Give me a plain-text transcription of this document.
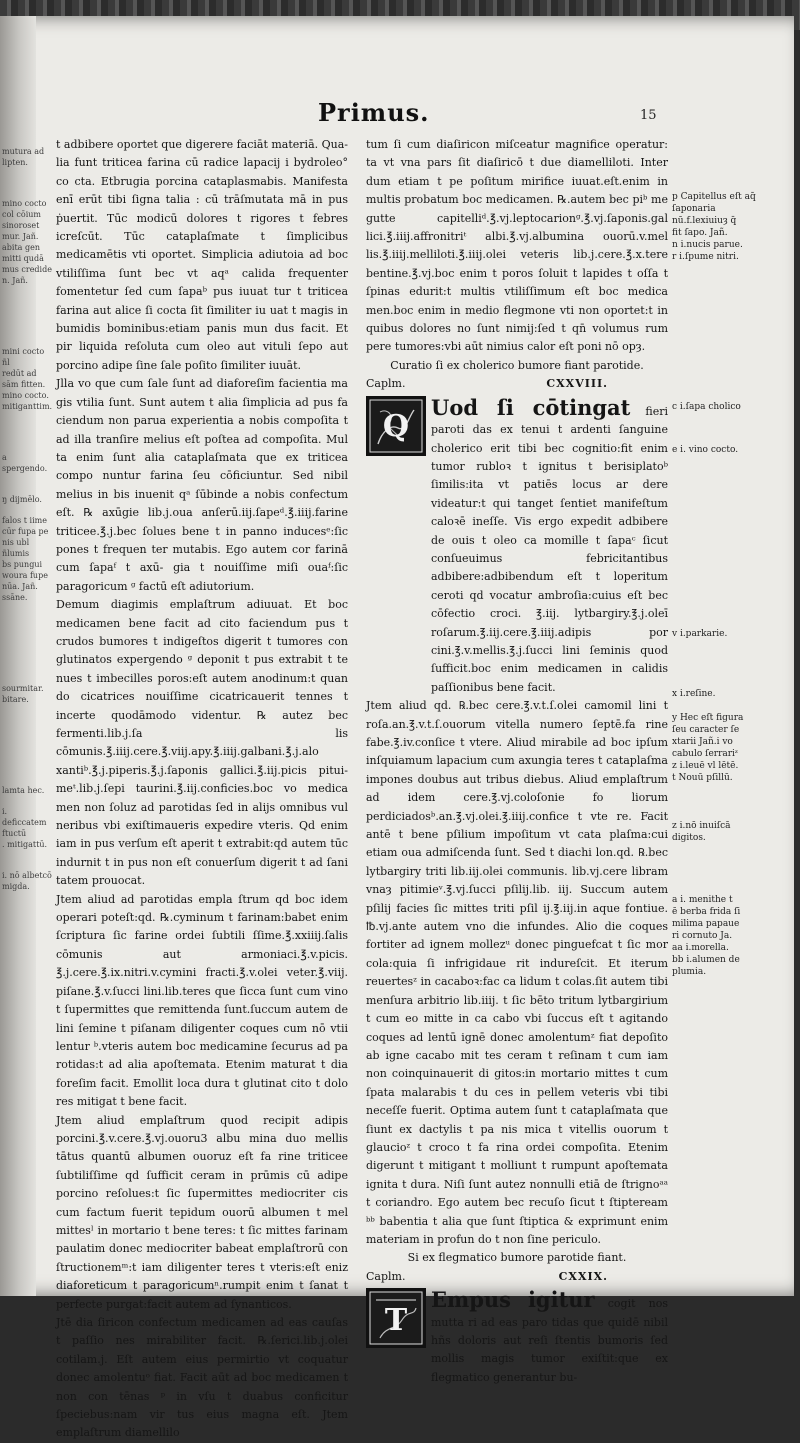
mutura ad
lipten.
mino cocto
col cōium
sinoroset
mur. Jañ.
abita gen
mitti qudā
mus credide
n. Jañ.
mini cocto ñl
redūt ad
sām fitten.
mino cocto.
mitiganttim.
a spergendo.
ŋ dijmēlo.
falos t iime
cūr fupa pe
nis ubl ñlumis
bs pungui
woura fupe
nūa. Jañ.
ssāne.
sourmitar.
bitare.
lamta hec.
i. deficcatem
ftuctū
. mitigattū.
i. nō albetcō
migda.
Primus.	15

t adbibere oportet que digerere faciāt materiā. Qua- lia funt triticea farina cū radice lapacij i bydroleo° co cta. Etbrugia porcina cataplasmabis. Manifesta enī erūt tibi ſigna talia : cū trāſmutata mā in pus ṗuertit. Tūc modicū dolores t rigores t febres icreſcūt. Tūc cataplaſmate t ſimplicibus medicamētis vti oportet. Simplicia adiutoia ad boc vtiliſſima ſunt bec vt aqᵃ calida frequenter fomentetur ſed cum ſapaᵇ pus iuuat tur t triticea farina aut alice ſi cocta ſit ſimiliter iu uat t magis in bumidis bominibus:etiam panis mun dus facit. Et pir liquida reſoluta cum oleo aut vituli ſepo aut porcino adipe ſine ſale poſito ſimiliter iuuāt.

Jlla vo que cum ſale ſunt ad diaforeſim facientia ma gis vtilia ſunt. Sunt autem t alia ſimplicia ad pus fa ciendum non parua experientia a nobis compoſita t ad illa tranſire melius eſt poſtea ad compoſita. Mul ta enim ſunt alia cataplaſmata que ex triticea compo nuntur farina ſeu cōficiuntur. Sed nibil melius in bis inuenit qᵃ ſūbinde a nobis confectum eſt. ℞ axūgie lib.j.oua anſerū.iij.ſapeᵈ.℥.iiij.farine triticee.℥.j.bec ſolues bene t in panno inducesᵉ:ſic pones t frequen ter mutabis. Ego autem cor farinā cum ſapaᶠ t axū- gia t nouiſſime miſi ouaᶠ:ſic paragoricum ᵍ factū eſt adiutorium.

Demum diagimis emplaſtrum adiuuat. Et boc medicamen bene facit ad cito faciendum pus t crudos bumores t indigeſtos digerit t tumores con glutinatos expergendo ᵍ deponit t pus extrabit t te nues t imbecilles poros:eſt autem anodinum:t quan do cicatrices nouiſſime cicatricauerit tennes t incerte quodāmodo videntur. ℞ autez bec fermenti.lib.j.ſa lis cōmunis.℥.iiij.cere.℥.viij.apy.℥.iiij.galbani.℥.j.alo xantiᵇ.℥.j.piperis.℥.j.ſaponis gallici.℥.iij.picis pitui- meᵗ.lib.j.ſepi taurini.℥.iij.conficies.boc vo medica men non ſoluz ad parotidas ſed in alijs omnibus vul neribus vbi exiſtimaueris expedire vteris. Qd enim iam in pus verſum eſt aperit t extrabit:qd autem tūc indurnit t in pus non eſt conuerſum digerit t ad ſani tatem prouocat.

Jtem aliud ad parotidas empla ſtrum qd boc idem operari poteſt:qd. ℞.cyminum t farinam:babet enim ſcriptura ſic farine ordei ſubtili ſſime.℥.xxiiij.ſalis cōmunis aut armoniaci.℥.v.picis. ℥.j.cere.℥.ix.nitri.v.cymini fracti.℥.v.olei veter.℥.viij. piſane.℥.v.ſucci lini.lib.teres que ſicca ſunt cum vino t ſupermittes que remittenda ſunt.ſuccum autem de lini ſemine t piſanam diligenter coques cum nō vtii lentur ᵇ.vteris autem boc medicamine ſecurus ad pa rotidas:t ad alia apoſtemata. Etenim maturat t dia foreſim facit. Emollit loca dura t glutinat cito t dolo res mitigat t bene facit.

Jtem aliud emplaſtrum quod recipit adipis porcini.℥.v.cere.℥.vj.ouoru3 albu mina duo mellis tātus quantū albumen ouoruz eſt fa rine triticee ſubtiliſſime qd ſufficit ceram in prūmis cū adipe porcino reſolues:t ſic ſupermittes mediocriter cis cum factum fuerit tepidum ouorū albumen t mel mittesˡ in mortario t bene teres: t ſic mittes farinam paulatim donec mediocriter babeat emplaſtrorū con ſtructionemᵐ:t iam diligenter teres t vteris:eſt eniz diaforeticum t paragoricumⁿ.rumpit enim t ſanat t perfecte purgat:facit autem ad ſynanticos.

Jtē dia ſiricon confectum medicamen ad eas cauſas t paſſio nes mirabiliter facit. ℞.ſerici.lib.j.olei cotilam.j. Eſt autem eius permirtio vt coquatur donec amolentuᵒ fiat. Facit aūt ad boc medicamen t non con tēnas ᵖ in vſu t duabus conficitur ſpeciebus:nam vir tus eius magna eſt. Jtem emplaſtrum diamellilo

tum ſi cum diaſiricon miſceatur magnifice operatur: ta vt vna pars ſit diaſiricō t due diamelliloti. Inter dum etiam t pe poſitum mirifice iuuat.eſt.enim in multis probatum boc medicamen. ℞.autem bec piᵇ me gutte capitelliᵈ.℥.vj.leptocarionᵍ.℥.vj.ſaponis.gal lici.℥.iiij.affronitriᵗ albi.℥.vj.albumina ouorū.v.mel lis.℥.iiij.melliloti.℥.iiij.olei veteris lib.j.cere.℥.x.tere bentine.℥.vj.boc enim t poros ſoluit t lapides t oſſa t ſpinas edurit:t multis vtiliſſimum eſt boc medica men.boc enim in medio flegmone vti non oportet:t in quibus dolores no ſunt nimij:ſed t qn̄ volumus rum pere tumores:vbi aūt nimius calor eſt poni nō opȝ.

Curatio ſi ex cholerico bumore fiant parotide.

Caplm.	CXXVIII.
Q
Uod ſi cōtingat fieri paroti das ex tenui t ardenti ſanguine cholerico erit tibi bec cognitio:fit enim tumor rubloꝛ t ignitus t berisiplatoᵇ ſimilis:ita vt patiēs locus ar dere videatur:t qui tanget ſentiet manifeſtum caloꝛē ineſſe. Vis ergo expedit adbibere de ouis t oleo ca momille t ſapaᶜ ſicut conſueuimus febricitantibus adbibere:adbibendum eſt t loperitum ceroti qd vocatur ambroſia:cuius eſt bec cōfectio croci. ℥.iij. lytbargiry.℥.j.oleī roſarum.℥.iij.cere.℥.iiij.adipis por cini.℥.v.mellis.℥.j.ſucci lini ſeminis quod ſufficit.boc enim medicamen in calidis paſſionibus bene facit.

Jtem aliud qd. ℞.bec cere.℥.v.t.ſ.olei camomil lini t roſa.an.℥.v.t.ſ.ouorum vitella numero ſeptē.fa rine fabe.℥.iv.conſice t vtere. Aliud mirabile ad boc ipſum inſquiamum lapacium cum axungia teres t cataplaſma impones doubus aut tribus diebus. Aliud emplaſtrum ad idem cere.℥.vj.coloſonie fo liorum perdiciadosᵇ.an.℥.vj.olei.℥.iiij.confice t vte re. Facit antē t bene pſilium impoſitum vt cata plaſma:cui etiam oua admiſcenda ſunt. Sed t diachi lon.qd. ℞.bec lytbargiry triti lib.iij.olei communis. lib.vj.cere libram vnaȝ pitimieᵛ.℥.vj.ſucci pſilij.lib. iij. Succum autem pſilij facies ſic mittes triti pſil ij.℥.iij.in aque fontiue. ℔.vj.ante autem vno die infundes. Alio die coques fortiter ad ignem mollezᵘ donec pinguefcat t ſic mor cola:quia ſi infrigidaue rit indureſcit. Et iterum reuertesᶻ in cacaboꝛ:fac ca lidum t colas.ſit autem tibi menſura arbitrio lib.iiij. t ſic bēto tritum lytbargirium t cum eo mitte in ca cabo vbi ſuccus eſt t agitando coques ad lentū ignē donec amolentumᶻ fiat depoſito ab igne cacabo mit tes ceram t reſinam t cum iam non coinquinauerit di gitos:in mortario mittes t cum ſpata malarabis t du ces in pellem veteris vbi tibi neceſſe fuerit. Optima autem ſunt t cataplaſmata que ſiunt ex dactylis t pa nis mica t vitellis ouorum t glaucioᶻ t croco t fa rina ordei compoſita. Etenim digerunt t mitigant t molliunt t rumpunt apoſtemata ignita t dura. Niſi ſunt autez nonnulli etiā de ſtrignoᵃᵃ t coriandro. Ego autem bec recuſo ſicut t ſtipteream ᵇᵇ babentia t alia que ſunt ſtiptica & exprimunt enim materiam in profun do t non ſine periculo.

Si ex flegmatico bumore parotide fiant.

Caplm.	CXXIX.
T
Empus igitur cogit nos mutta ri ad eas paro tidas que quidē nibil hñs doloris aut reſi ſtentis bumoris ſed mollis magis tumor exiſtit:que ex flegmatico generantur bu-
p Capitellus eſt aq̄ ſaponaria
nū.f.lexiuiuȝ q̄
fit ſapo. Jañ.
n i.nucis parue.
r i.ſpume nitri.
c i.ſapa cholico
e i. vino cocto.
v i.parkarie.
x i.reſine.
y Hec eſt figura
ſeu caracter ſe
xtarii Jañ.i vo
cabulo ſerrariᶻ
z i.leuē vl lētē.
t Nouū pſillū.
z i.nō inuiſcā
digitos.
a i. menithe t
ē berba frida ſi
milima papaue
ri cornuto Ja.
aa i.morella.
bb i.alumen de
plumia.
